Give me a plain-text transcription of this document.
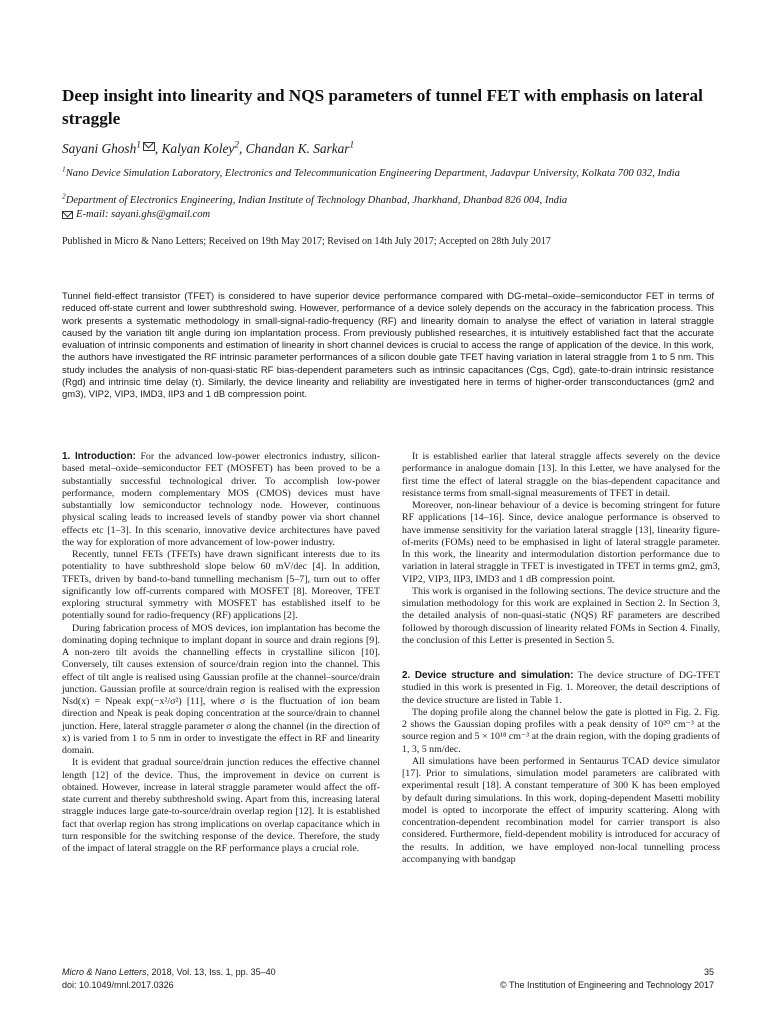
Deep insight into linearity and NQS parameters of tunnel FET with emphasis on lateral straggle
Sayani Ghosh$^1$ , Kalyan Koley$^2$, Chandan K. Sarkar$^1$
$^1$Nano Device Simulation Laboratory, Electronics and Telecommunication Engineering Department, Jadavpur University, Kolkata 700 032, India
$^2$Department of Electronics Engineering, Indian Institute of Technology Dhanbad, Jharkhand, Dhanbad 826 004, India
E-mail: sayani.ghs@gmail.com
Published in Micro & Nano Letters; Received on 19th May 2017; Revised on 14th July 2017; Accepted on 28th July 2017

Tunnel field-effect transistor (TFET) is considered to have superior device performance compared with DG-metal–oxide–semiconductor FET in terms of reduced off-state current and lower subthreshold swing. However, performance of a device solely depends on the accuracy in the fabrication process. This work presents a systematic methodology in small-signal-radio-frequency (RF) and linearity domain to analyse the effect of variation in lateral straggle caused by the variation tilt angle during ion implantation process. From previously published researches, it is intuitively established fact that the accurate evaluation of intrinsic components and estimation of linearity in short channel devices is crucial to access the range of application of the device. In this work, the authors have investigated the RF intrinsic parameter performances of a silicon double gate TFET having variation in lateral straggle from 1 to 5 nm. This study includes the analysis of non-quasi-static RF bias-dependent parameters such as intrinsic capacitances (Cgs, Cgd), gate-to-drain intrinsic resistance (Rgd) and intrinsic time delay (τ). Similarly, the device linearity and reliability are investigated here in terms of higher-order transconductances (gm2 and gm3), VIP2, VIP3, IMD3, IIP3 and 1 dB compression point.

1. Introduction: For the advanced low-power electronics industry, silicon-based metal–oxide–semiconductor FET (MOSFET) has been proved to be a substantially successful technological driver. To accomplish low-power performance, modern complementary MOS (CMOS) devices must have substantially low semiconductor technology node. However, continuous physical scaling leads to increased levels of standby power via short channel effects etc [1–3]. In this scenario, innovative device architectures have paved the way for exploration of more advancement of low-power industry.

Recently, tunnel FETs (TFETs) have drawn significant interests due to its potentiality to have subthreshold slope below 60 mV/dec [4]. In addition, TFETs, driven by band-to-band tunnelling mechanism [5–7], turn out to offer significantly low off-currents compared with MOSFET [8]. Moreover, TFET exploring structural symmetry with MOSFET has established itself to be potentially sound for radio-frequency (RF) applications [2].

During fabrication process of MOS devices, ion implantation has become the dominating doping technique to implant dopant in source and drain regions [9]. A non-zero tilt avoids the channelling effects in crystalline silicon [10]. Conversely, tilt causes extension of source/drain region into the channel. This effect of tilt angle is realised using Gaussian profile at the channel–source/drain junction. Gaussian profile at source/drain region is realised with the expression Nsd(x) = Npeak exp(−x²/σ²) [11], where σ is the fluctuation of ion beam direction and Npeak is peak doping concentration at the source/drain to channel junction. Here, lateral straggle parameter σ along the channel (in the direction of x) is varied from 1 to 5 nm in order to investigate the effect in RF and linearity domain.

It is evident that gradual source/drain junction reduces the effective channel length [12] of the device. Thus, the improvement in device on current is obtained. However, increase in lateral straggle parameter would affect the off-state current and thereby subthreshold swing. Apart from this, increasing lateral straggle induces large gate-to-source/drain overlap region [12]. It is established fact that overlap region has strong implications on overlap capacitance which in turn responsible for the switching response of the device. Therefore, the study of the impact of lateral straggle on the RF performance plays a crucial role.

It is established earlier that lateral straggle affects severely on the device performance in analogue domain [13]. In this Letter, we have analysed for the first time the effect of lateral straggle on the bias-dependent capacitance and resistance terms from small-signal measurements of TFET in detail.

Moreover, non-linear behaviour of a device is becoming stringent for future RF applications [14–16]. Since, device analogue performance is observed to have immense sensitivity for the variation lateral straggle [13], linearity figure-of-merits (FOMs) need to be emphasised in light of lateral straggle parameter. In this work, the linearity and intermodulation distortion performance due to variation in lateral straggle in TFET is investigated in TFET in terms gm2, gm3, VIP2, VIP3, IIP3, IMD3 and 1 dB compression point.

This work is organised in the following sections. The device structure and the simulation methodology for this work are explained in Section 2. In Section 3, the detailed analysis of non-quasi-static (NQS) RF parameters are described followed by thorough discussion of linearity related FOMs in Section 4. Finally, the conclusion of this Letter is presented in Section 5.

2. Device structure and simulation: The device structure of DG-TFET studied in this work is presented in Fig. 1. Moreover, the detail descriptions of the device structure are listed in Table 1.

The doping profile along the channel below the gate is plotted in Fig. 2. Fig. 2 shows the Gaussian doping profiles with a peak density of 10²⁰ cm⁻³ at the source region and 5 × 10¹⁸ cm⁻³ at the drain region, with the doping gradients of 1, 3, 5 nm/dec.

All simulations have been performed in Sentaurus TCAD device simulator [17]. Prior to simulations, simulation model parameters are calibrated with experimental result [18]. A constant temperature of 300 K has been employed by default during simulations. In this work, doping-dependent Masetti mobility model is opted to incorporate the effect of impurity scattering. Along with concentration-dependent recombination model for carrier transport is also considered. Furthermore, field-dependent mobility is introduced for accuracy of the results. In addition, we have employed non-local tunnelling process accompanying with bandgap

Micro & Nano Letters, 2018, Vol. 13, Iss. 1, pp. 35–40
doi: 10.1049/mnl.2017.0326
35
© The Institution of Engineering and Technology 2017
